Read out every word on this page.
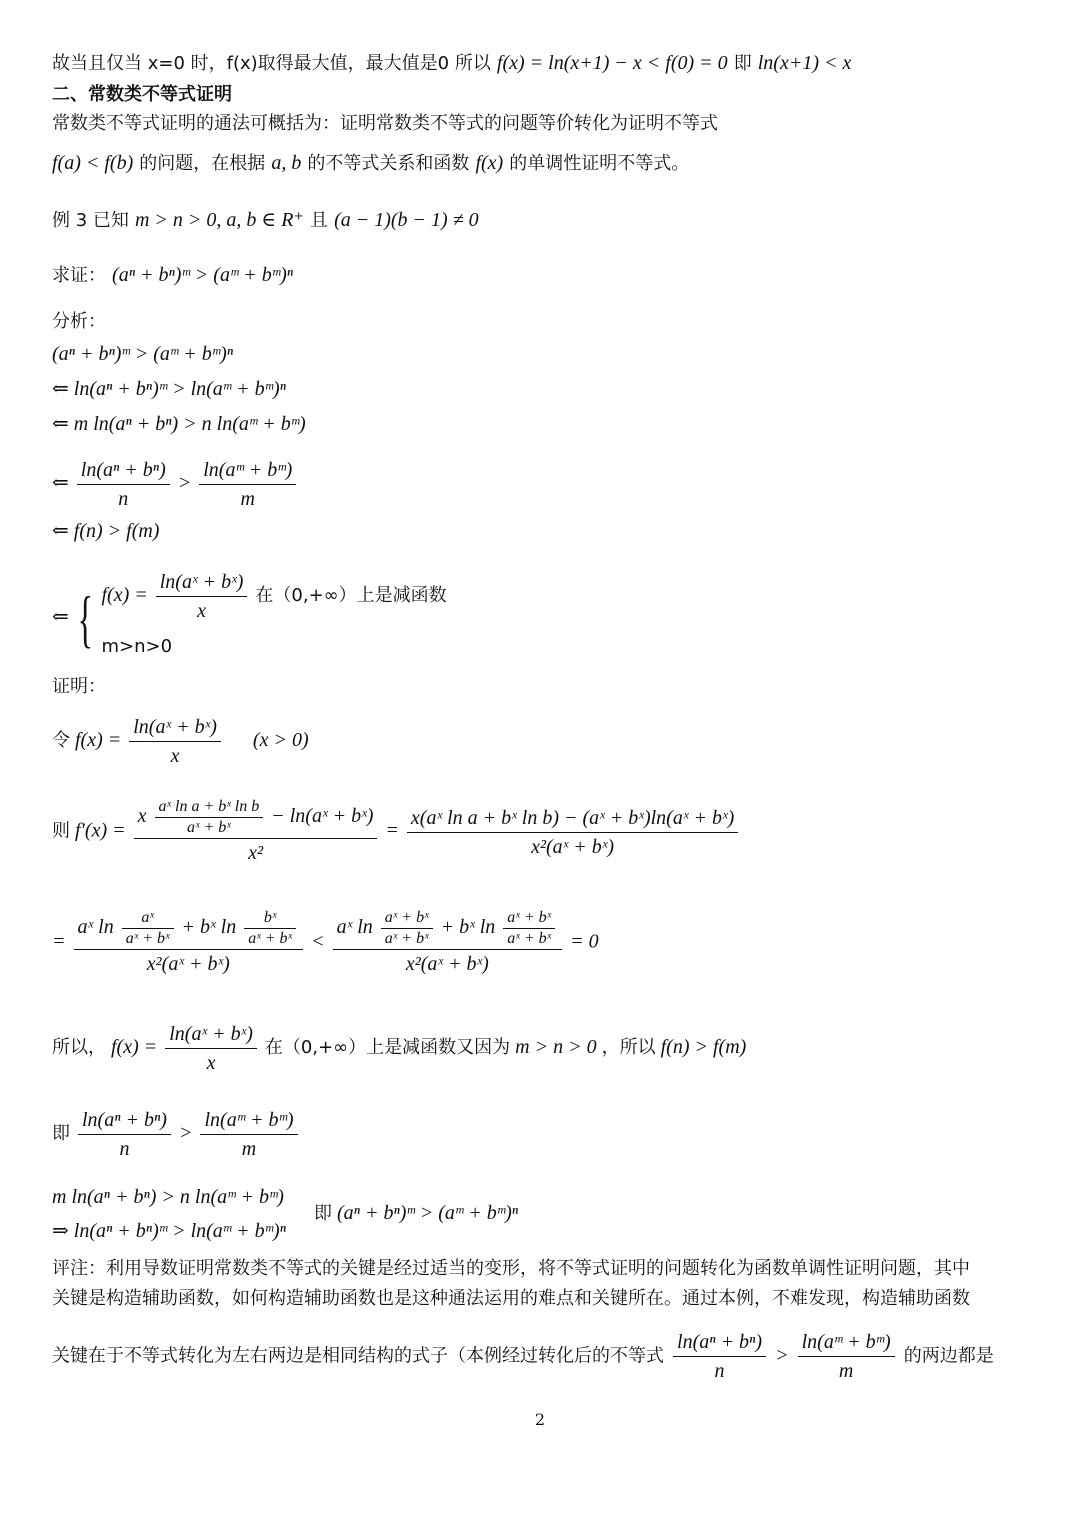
故当且仅当 x=0 时，f(x)取得最大值，最大值是0 所以 f(x) = ln(x+1) − x < f(0) = 0 即 ln(x+1) < x
二、常数类不等式证明
常数类不等式证明的通法可概括为：证明常数类不等式的问题等价转化为证明不等式
f(a) < f(b) 的问题，在根据 a, b 的不等式关系和函数 f(x) 的单调性证明不等式。
例 3 已知 m > n > 0, a, b ∈ R⁺ 且 (a − 1)(b − 1) ≠ 0
求证： (aⁿ + bⁿ)ᵐ > (aᵐ + bᵐ)ⁿ
分析：
(aⁿ + bⁿ)ᵐ > (aᵐ + bᵐ)ⁿ
⇐ ln(aⁿ + bⁿ)ᵐ > ln(aᵐ + bᵐ)ⁿ
⇐ m ln(aⁿ + bⁿ) > n ln(aᵐ + bᵐ)
⇐ $\frac{\text{ln(aⁿ + bⁿ)}}{n} > \frac{\text{ln(aᵐ + bᵐ)}}{m}$
⇐ f(n) > f(m)
⇐ { $f(x) = \frac{\text{ln(aˣ + bˣ)}}{x}$ 在（0,+∞）上是减函数
m>n>0
证明：
令 $f(x) = \frac{\text{ln(aˣ + bˣ)}}{x} (x > 0)$
则 f′(x) =
x $\frac{\text{aˣ ln a + bˣ ln b}}{\text{aˣ + bˣ}}$ − ln(aˣ + bˣ)
x²
= $\frac{\text{x(aˣ ln a + bˣ ln b) − (aˣ + bˣ)ln(aˣ + bˣ)}}{\text{x²(aˣ + bˣ)}}$
=
aˣ $\ln \frac{\text{aˣ}}{\text{aˣ + bˣ}}$ + bˣ $\ln \frac{\text{bˣ}}{\text{aˣ + bˣ}}$
x²(aˣ + bˣ)
<
aˣ $\ln \frac{\text{aˣ + bˣ}}{\text{aˣ + bˣ}}$ + bˣ $\ln \frac{\text{aˣ + bˣ}}{\text{aˣ + bˣ}}$
x²(aˣ + bˣ)
= 0
所以， $f(x) = \frac{\text{ln(aˣ + bˣ)}}{x}$ 在（0,+∞）上是减函数又因为 m > n > 0 ，所以 f(n) > f(m)
即 $\frac{\text{ln(aⁿ + bⁿ)}}{n} > \frac{\text{ln(aᵐ + bᵐ)}}{m}$
m ln(aⁿ + bⁿ) > n ln(aᵐ + bᵐ)
⇒ ln(aⁿ + bⁿ)ᵐ > ln(aᵐ + bᵐ)ⁿ
即 (aⁿ + bⁿ)ᵐ > (aᵐ + bᵐ)ⁿ
评注：利用导数证明常数类不等式的关键是经过适当的变形，将不等式证明的问题转化为函数单调性证明问题，其中
关键是构造辅助函数，如何构造辅助函数也是这种通法运用的难点和关键所在。通过本例，不难发现，构造辅助函数
关键在于不等式转化为左右两边是相同结构的式子（本例经过转化后的不等式 $\frac{\text{ln(aⁿ + bⁿ)}}{n} > \frac{\text{ln(aᵐ + bᵐ)}}{m}$ 的两边都是
2
